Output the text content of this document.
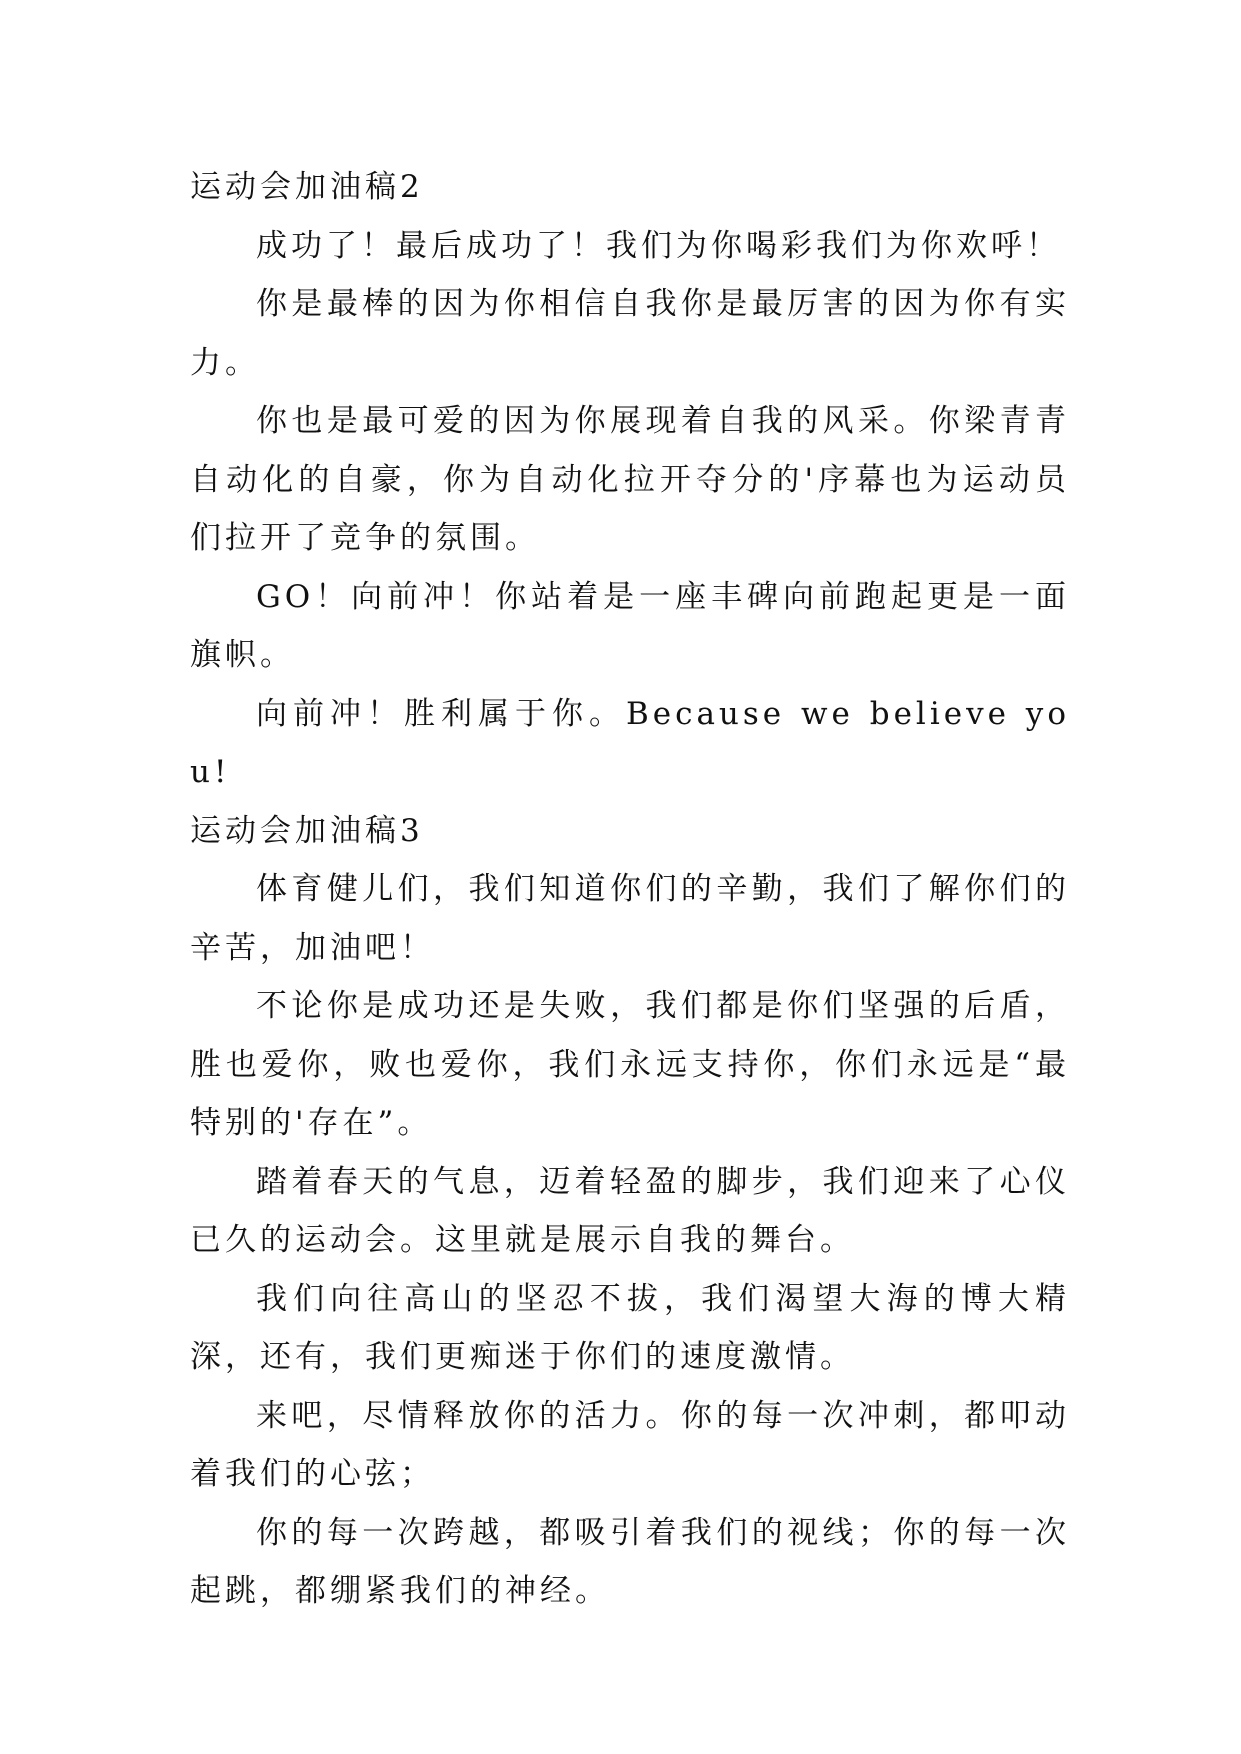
运动会加油稿2
成功了！最后成功了！我们为你喝彩我们为你欢呼！
你是最棒的因为你相信自我你是最厉害的因为你有实力。
你也是最可爱的因为你展现着自我的风采。你梁青青自动化的自豪，你为自动化拉开夺分的'序幕也为运动员们拉开了竞争的氛围。
GO！向前冲！你站着是一座丰碑向前跑起更是一面旗帜。
向前冲！胜利属于你。Because we believe you!
运动会加油稿3
体育健儿们，我们知道你们的辛勤，我们了解你们的辛苦，加油吧！
不论你是成功还是失败，我们都是你们坚强的后盾，胜也爱你，败也爱你，我们永远支持你，你们永远是“最特别的'存在”。
踏着春天的气息，迈着轻盈的脚步，我们迎来了心仪已久的运动会。这里就是展示自我的舞台。
我们向往高山的坚忍不拔，我们渴望大海的博大精深，还有，我们更痴迷于你们的速度激情。
来吧，尽情释放你的活力。你的每一次冲刺，都叩动着我们的心弦；
你的每一次跨越，都吸引着我们的视线；你的每一次起跳，都绷紧我们的神经。
